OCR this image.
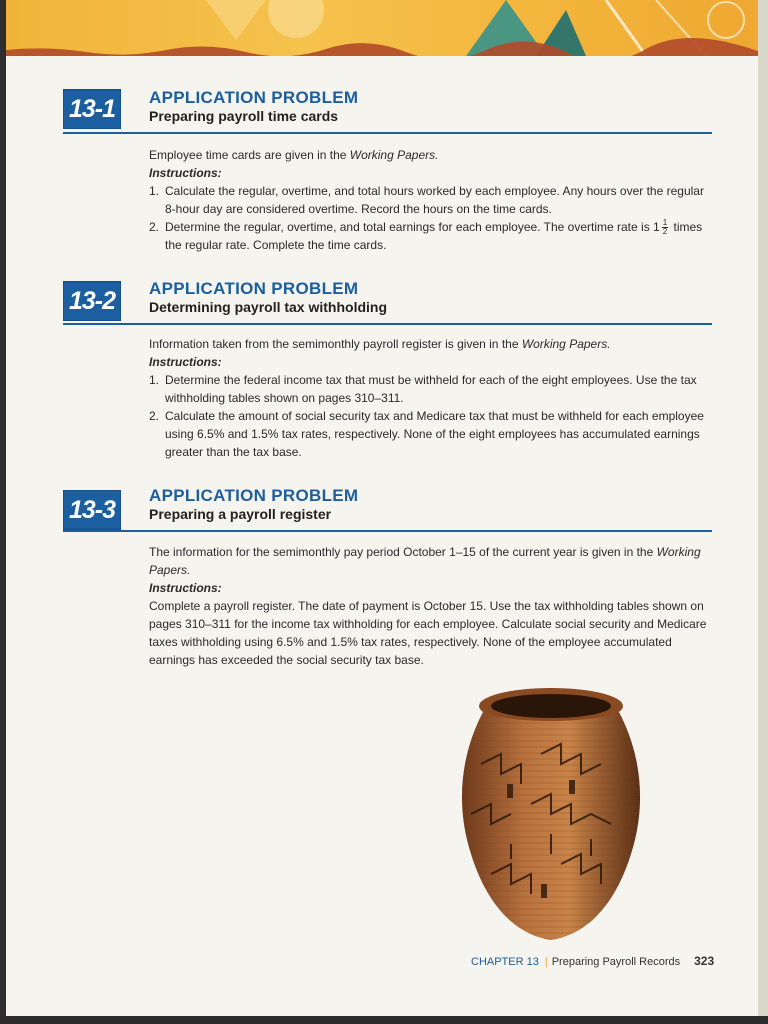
13-1	APPLICATION PROBLEM
Preparing payroll time cards

Employee time cards are given in the Working Papers.

Instructions:

1. Calculate the regular, overtime, and total hours worked by each employee. Any hours over the regular 8-hour day are considered overtime. Record the hours on the time cards.
2. Determine the regular, overtime, and total earnings for each employee. The overtime rate is $1 \frac{1}{2}$ times the regular rate. Complete the time cards.
13-2	APPLICATION PROBLEM
Determining payroll tax withholding

Information taken from the semimonthly payroll register is given in the Working Papers.

Instructions:

1. Determine the federal income tax that must be withheld for each of the eight employees. Use the tax withholding tables shown on pages 310–311.
2. Calculate the amount of social security tax and Medicare tax that must be withheld for each employee using 6.5% and 1.5% tax rates, respectively. None of the eight employees has accumulated earnings greater than the tax base.
13-3	APPLICATION PROBLEM
Preparing a payroll register

The information for the semimonthly pay period October 1–15 of the current year is given in the Working Papers.

Instructions:

Complete a payroll register. The date of payment is October 15. Use the tax withholding tables shown on pages 310–311 for the income tax withholding for each employee. Calculate social security and Medicare taxes withholding using 6.5% and 1.5% tax rates, respectively. None of the employee accumulated earnings has exceeded the social security tax base.

CHAPTER 13 | Preparing Payroll Records 323
